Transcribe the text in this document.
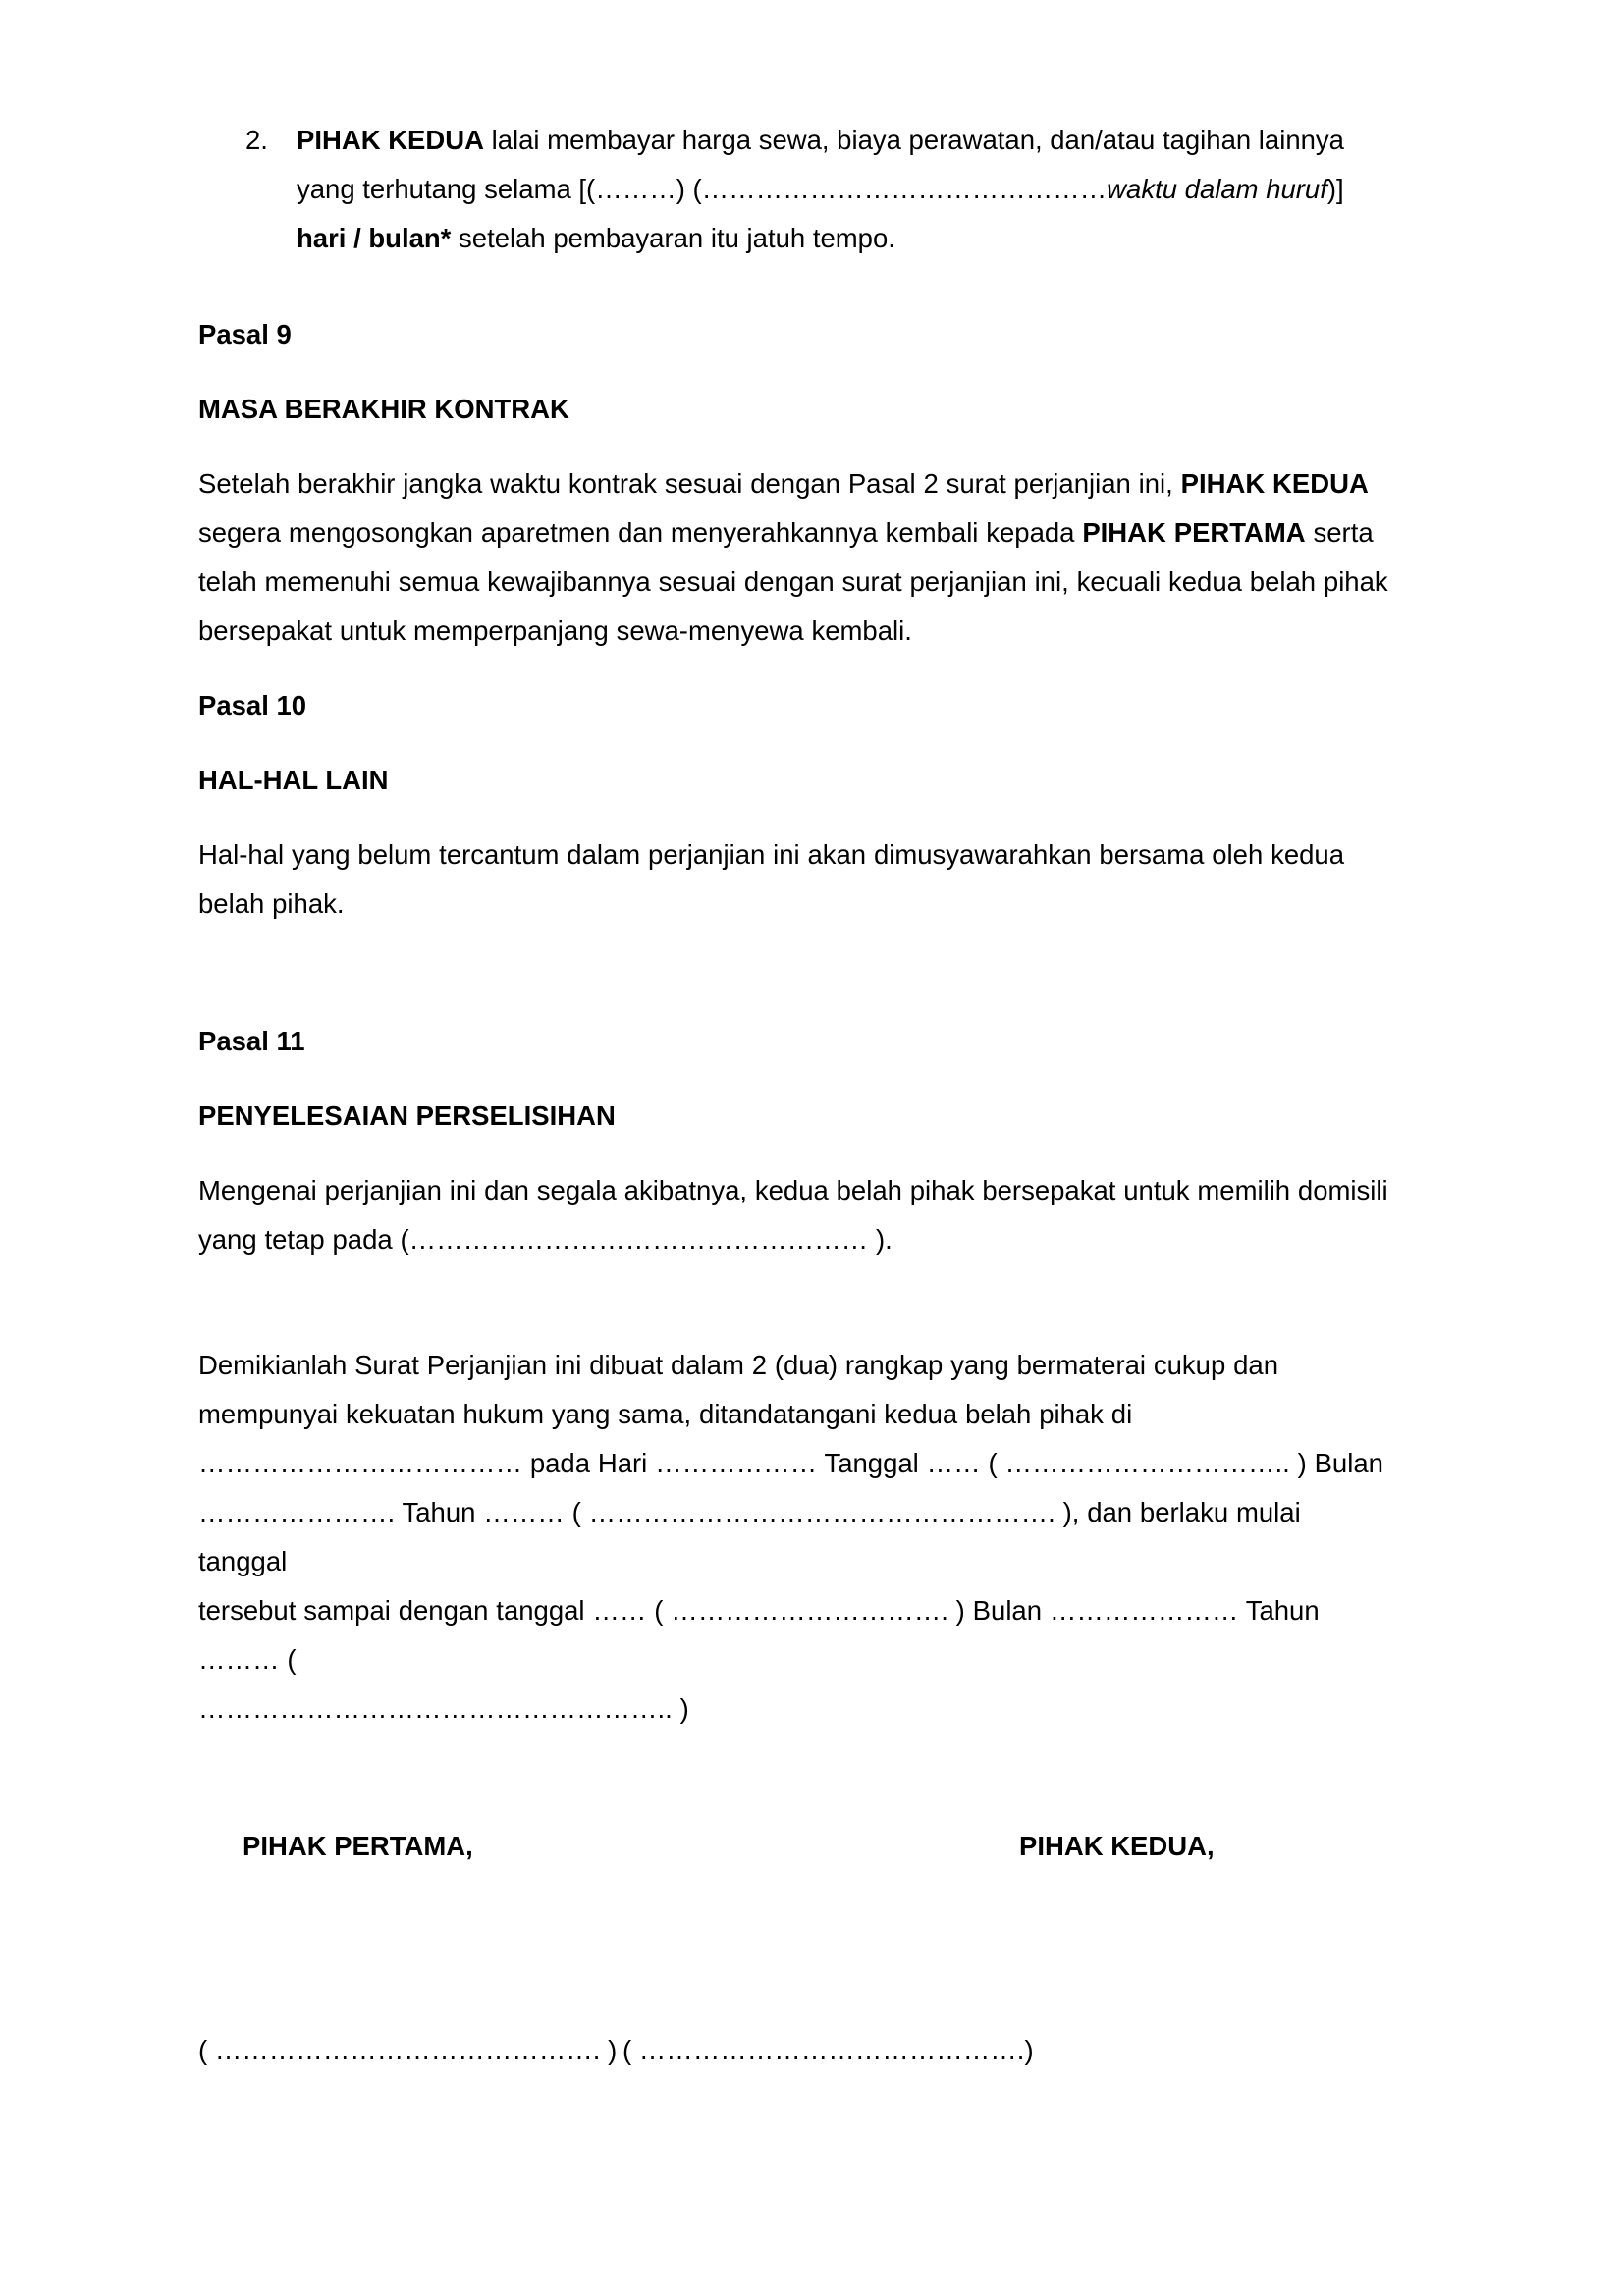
2.	PIHAK KEDUA lalai membayar harga sewa, biaya perawatan, dan/atau tagihan lainnya yang terhutang selama [(………) (………………………………………waktu dalam huruf)] hari / bulan* setelah pembayaran itu jatuh tempo.
Pasal 9
MASA BERAKHIR KONTRAK
Setelah berakhir jangka waktu kontrak sesuai dengan Pasal 2 surat perjanjian ini, PIHAK KEDUA segera mengosongkan aparetmen dan menyerahkannya kembali kepada PIHAK PERTAMA serta telah memenuhi semua kewajibannya sesuai dengan surat perjanjian ini, kecuali kedua belah pihak bersepakat untuk memperpanjang sewa-menyewa kembali.
Pasal 10
HAL-HAL LAIN
Hal-hal yang belum tercantum dalam perjanjian ini akan dimusyawarahkan bersama oleh kedua belah pihak.
Pasal 11
PENYELESAIAN PERSELISIHAN
Mengenai perjanjian ini dan segala akibatnya, kedua belah pihak bersepakat untuk memilih domisili yang tetap pada (…………………………………………… ).
Demikianlah Surat Perjanjian ini dibuat dalam 2 (dua) rangkap yang bermaterai cukup dan
mempunyai kekuatan hukum yang sama, ditandatangani kedua belah pihak di
……………………………… pada Hari ……………… Tanggal …… ( ………………………….. ) Bulan
…………………. Tahun ……… ( ……………………………………………. ), dan berlaku mulai tanggal
tersebut sampai dengan tanggal …… ( …………………………. ) Bulan ………………… Tahun ……… (
…………………………………………….. )
PIHAK PERTAMA,	PIHAK KEDUA,
( ……………………………………. ) ( …………………………………….)
